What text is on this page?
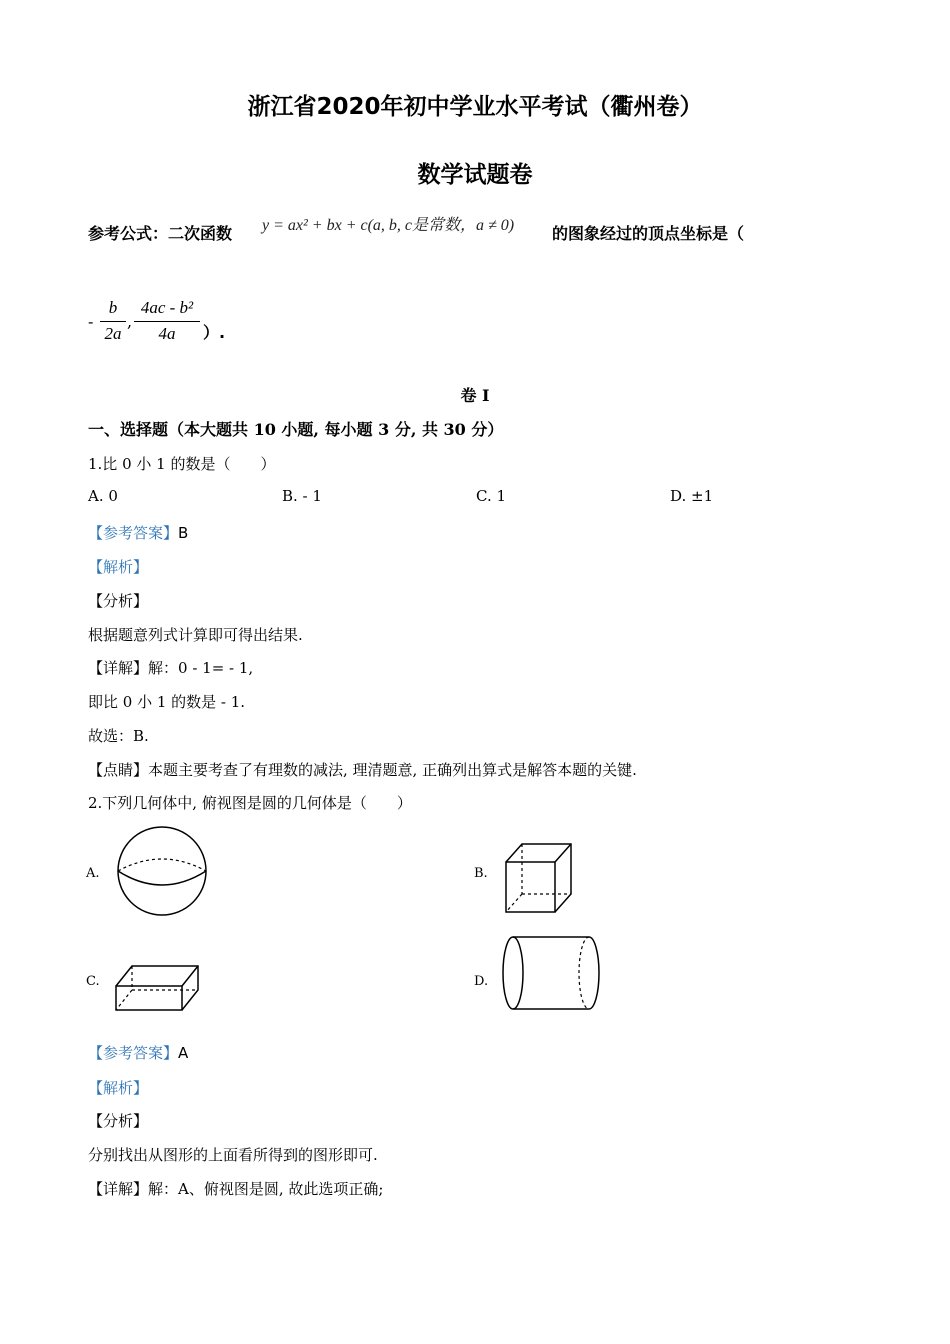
浙江省2020年初中学业水平考试（衢州卷）
数学试题卷
参考公式：二次函数 y = ax² + bx + c(a, b, c是常数，a ≠ 0) 的图象经过的顶点坐标是（
- $\frac{b}{2a}$ , $\frac{\text{4ac - b²}}{4a}$ ）.
卷 I
一、选择题（本大题共 10 小题, 每小题 3 分, 共 30 分）
1.比 0 小 1 的数是（　　）
A. 0	B. - 1	C. 1	D. ±1
【参考答案】B
【解析】
【分析】
根据题意列式计算即可得出结果.
【详解】解：0 - 1= - 1,
即比 0 小 1 的数是 - 1.
故选：B.
【点睛】本题主要考查了有理数的减法, 理清题意, 正确列出算式是解答本题的关键.
2.下列几何体中, 俯视图是圆的几何体是（　　）
A.	B.
C.	D.
【参考答案】A
【解析】
【分析】
分别找出从图形的上面看所得到的图形即可.
【详解】解：A、俯视图是圆, 故此选项正确;
